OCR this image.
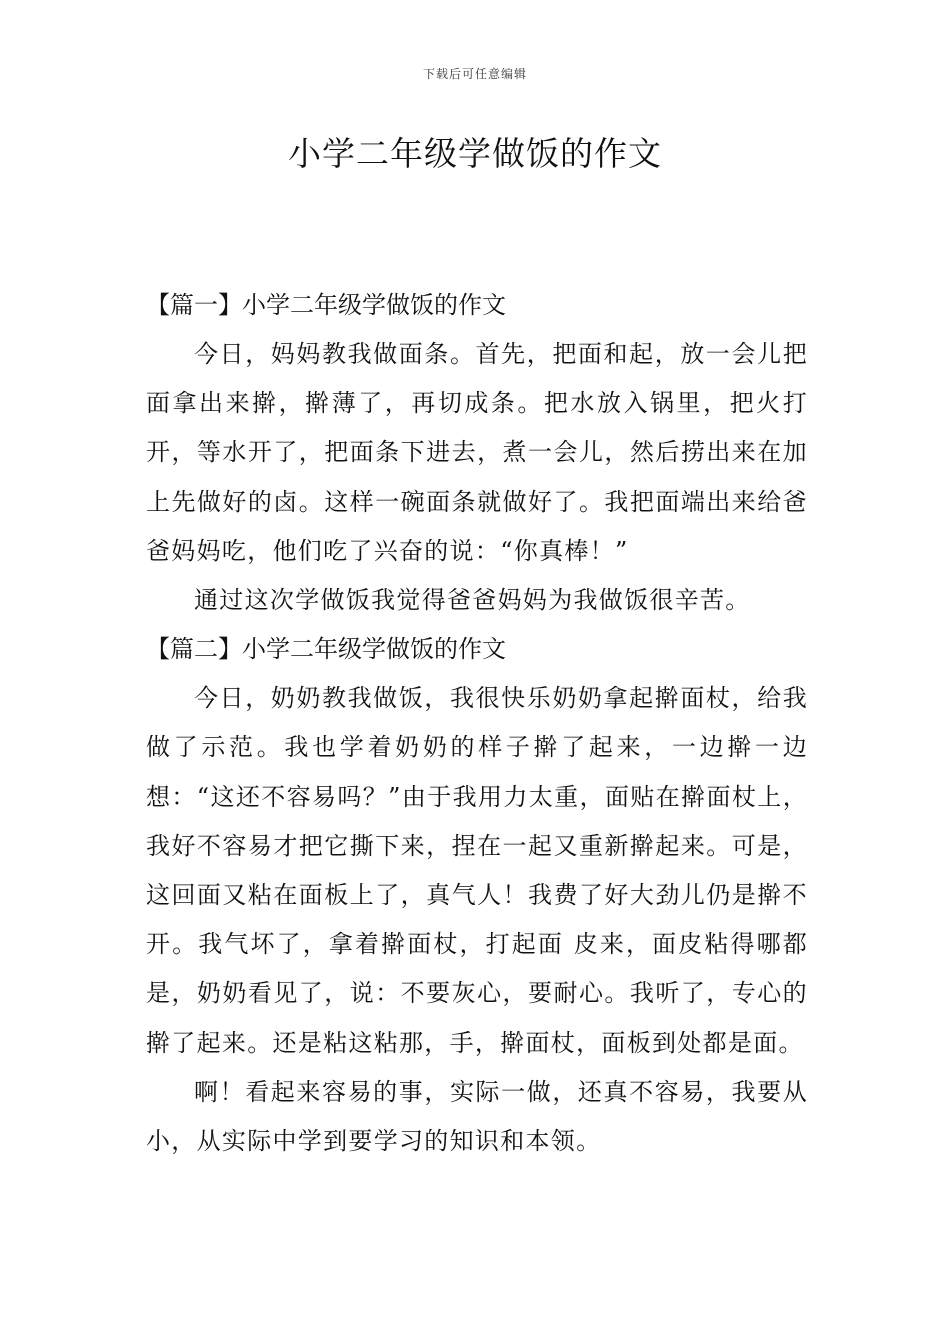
下载后可任意编辑
小学二年级学做饭的作文

【篇一】小学二年级学做饭的作文

今日，妈妈教我做面条。首先，把面和起，放一会儿把面拿出来擀，擀薄了，再切成条。把水放入锅里，把火打开，等水开了，把面条下进去，煮一会儿，然后捞出来在加上先做好的卤。这样一碗面条就做好了。我把面端出来给爸爸妈妈吃，他们吃了兴奋的说：“你真棒！”

通过这次学做饭我觉得爸爸妈妈为我做饭很辛苦。

【篇二】小学二年级学做饭的作文

今日，奶奶教我做饭，我很快乐奶奶拿起擀面杖，给我做了示范。我也学着奶奶的样子擀了起来，一边擀一边想：“这还不容易吗？”由于我用力太重，面贴在擀面杖上，我好不容易才把它撕下来，捏在一起又重新擀起来。可是，这回面又粘在面板上了，真气人！我费了好大劲儿仍是擀不开。我气坏了，拿着擀面杖，打起面 皮来，面皮粘得哪都是，奶奶看见了，说：不要灰心，要耐心。我听了，专心的擀了起来。还是粘这粘那，手，擀面杖，面板到处都是面。

啊！看起来容易的事，实际一做，还真不容易，我要从小，从实际中学到要学习的知识和本领。
